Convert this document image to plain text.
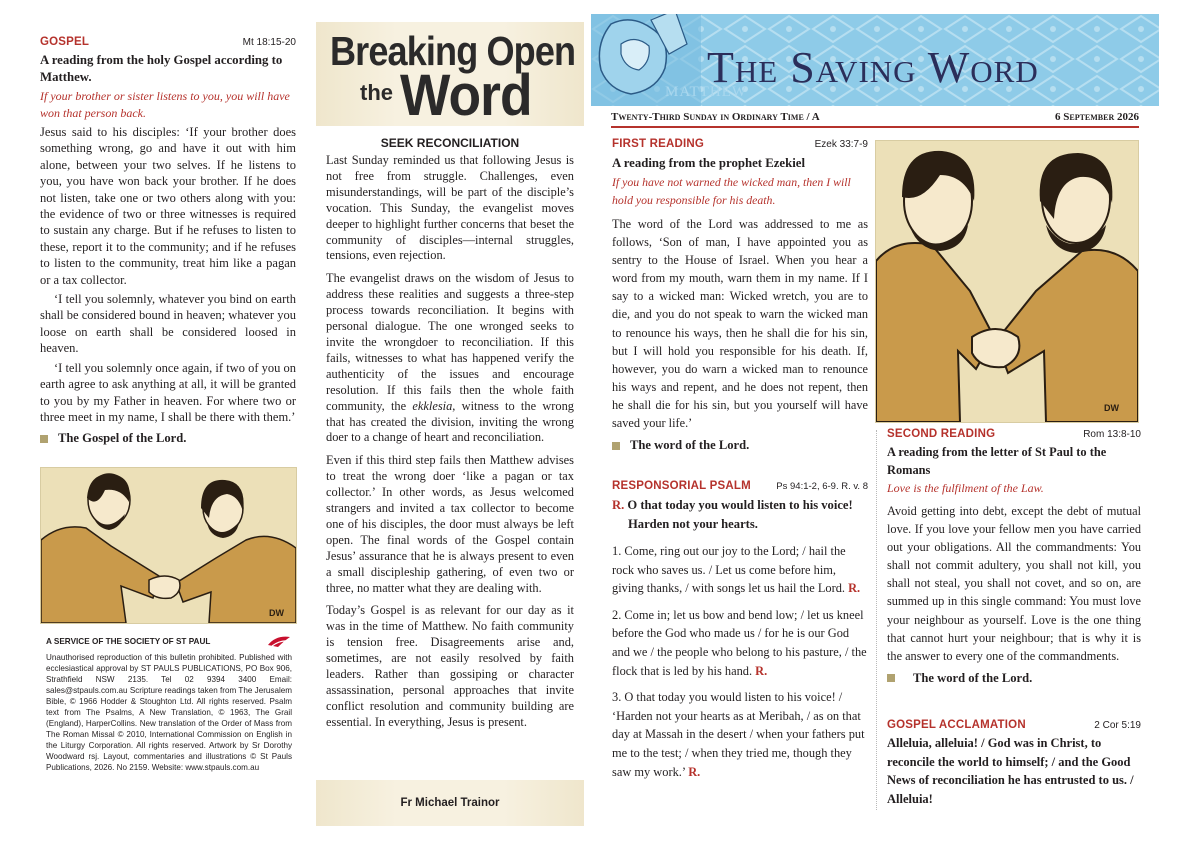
GOSPEL	Mt 18:15-20
A reading from the holy Gospel according to Matthew.
If your brother or sister listens to you, you will have won that person back.

Jesus said to his disciples: ‘If your brother does something wrong, go and have it out with him alone, between your two selves. If he listens to you, you have won back your brother. If he does not listen, take one or two others along with you: the evidence of two or three witnesses is required to sustain any charge. But if he refuses to listen to these, report it to the community; and if he refuses to listen to the community, treat him like a pagan or a tax collector.

‘I tell you solemnly, whatever you bind on earth shall be considered bound in heaven; whatever you loose on earth shall be considered loosed in heaven.

‘I tell you solemnly once again, if two of you on earth agree to ask anything at all, it will be granted to you by my Father in heaven. For where two or three meet in my name, I shall be there with them.’

The Gospel of the Lord.
DW
A SERVICE OF THE SOCIETY OF ST PAUL
Unauthorised reproduction of this bulletin prohibited. Published with ecclesiastical approval by ST PAULS PUBLICATIONS, PO Box 906, Strathfield NSW 2135. Tel 02 9394 3400 Email: sales@stpauls.com.au Scripture readings taken from The Jerusalem Bible, © 1966 Hodder & Stoughton Ltd. All rights reserved. Psalm text from The Psalms, A New Translation, © 1963, The Grail (England), HarperCollins. New translation of the Order of Mass from The Roman Missal © 2010, International Commission on English in the Liturgy Corporation. All rights reserved. Artwork by Sr Dorothy Woodward rsj. Layout, commentaries and illustrations © St Pauls Publications, 2026. No 2159. Website: www.stpauls.com.au
Breaking Open
the Word
SEEK RECONCILIATION

Last Sunday reminded us that following Jesus is not free from struggle. Challenges, even misunderstandings, will be part of the disciple’s vocation. This Sunday, the evangelist moves deeper to highlight further concerns that beset the community of disciples—internal struggles, tensions, even rejection.

The evangelist draws on the wisdom of Jesus to address these realities and suggests a three-step process towards reconciliation. It begins with personal dialogue. The one wronged seeks to invite the wrongdoer to reconciliation. If this fails, witnesses to what has happened verify the authenticity of the issues and encourage resolution. If this fails then the whole faith community, the ekklesia, witness to the wrong that has created the division, inviting the wrong doer to a change of heart and reconciliation.

Even if this third step fails then Matthew advises to treat the wrong doer ‘like a pagan or tax collector.’ In other words, as Jesus welcomed strangers and invited a tax collector to become one of his disciples, the door must always be left open. The final words of the Gospel contain Jesus’ assurance that he is always present to even a small discipleship gathering, of even two or three, no matter what they are dealing with.

Today’s Gospel is as relevant for our day as it was in the time of Matthew. No faith community is tension free. Disagreements arise and, sometimes, are not easily resolved by faith leaders. Rather than gossiping or character assassination, personal approaches that invite conflict resolution and community building are essential. In everything, Jesus is present.

Fr Michael Trainor
MATTHEW
The Saving Word
Twenty-Third Sunday in Ordinary Time / A	6 September 2026
FIRST READING	Ezek 33:7-9
A reading from the prophet Ezekiel
If you have not warned the wicked man, then I will hold you responsible for his death.
The word of the Lord was addressed to me as follows, ‘Son of man, I have appointed you as sentry to the House of Israel. When you hear a word from my mouth, warn them in my name. If I say to a wicked man: Wicked wretch, you are to die, and you do not speak to warn the wicked man to renounce his ways, then he shall die for his sin, but I will hold you responsible for his death. If, however, you do warn a wicked man to renounce his ways and repent, and he does not repent, then he shall die for his sin, but you yourself will have saved your life.’
The word of the Lord.
RESPONSORIAL PSALM	Ps 94:1-2, 6-9. R. v. 8
R. O that today you would listen to his voice!
Harden not your hearts.

1. Come, ring out our joy to the Lord; / hail the rock who saves us. / Let us come before him, giving thanks, / with songs let us hail the Lord. R.

2. Come in; let us bow and bend low; / let us kneel before the God who made us / for he is our God and we / the people who belong to his pasture, / the flock that is led by his hand. R.

3. O that today you would listen to his voice! / ‘Harden not your hearts as at Meribah, / as on that day at Massah in the desert / when your fathers put me to the test; / when they tried me, though they saw my work.’ R.

DW
SECOND READING	Rom 13:8-10
A reading from the letter of St Paul to the Romans
Love is the fulfilment of the Law.
Avoid getting into debt, except the debt of mutual love. If you love your fellow men you have carried out your obligations. All the commandments: You shall not commit adultery, you shall not kill, you shall not steal, you shall not covet, and so on, are summed up in this single command: You must love your neighbour as yourself. Love is the one thing that cannot hurt your neighbour; that is why it is the answer to every one of the commandments.
The word of the Lord.
GOSPEL ACCLAMATION	2 Cor 5:19
Alleluia, alleluia! / God was in Christ, to reconcile the world to himself; / and the Good News of reconciliation he has entrusted to us. / Alleluia!
